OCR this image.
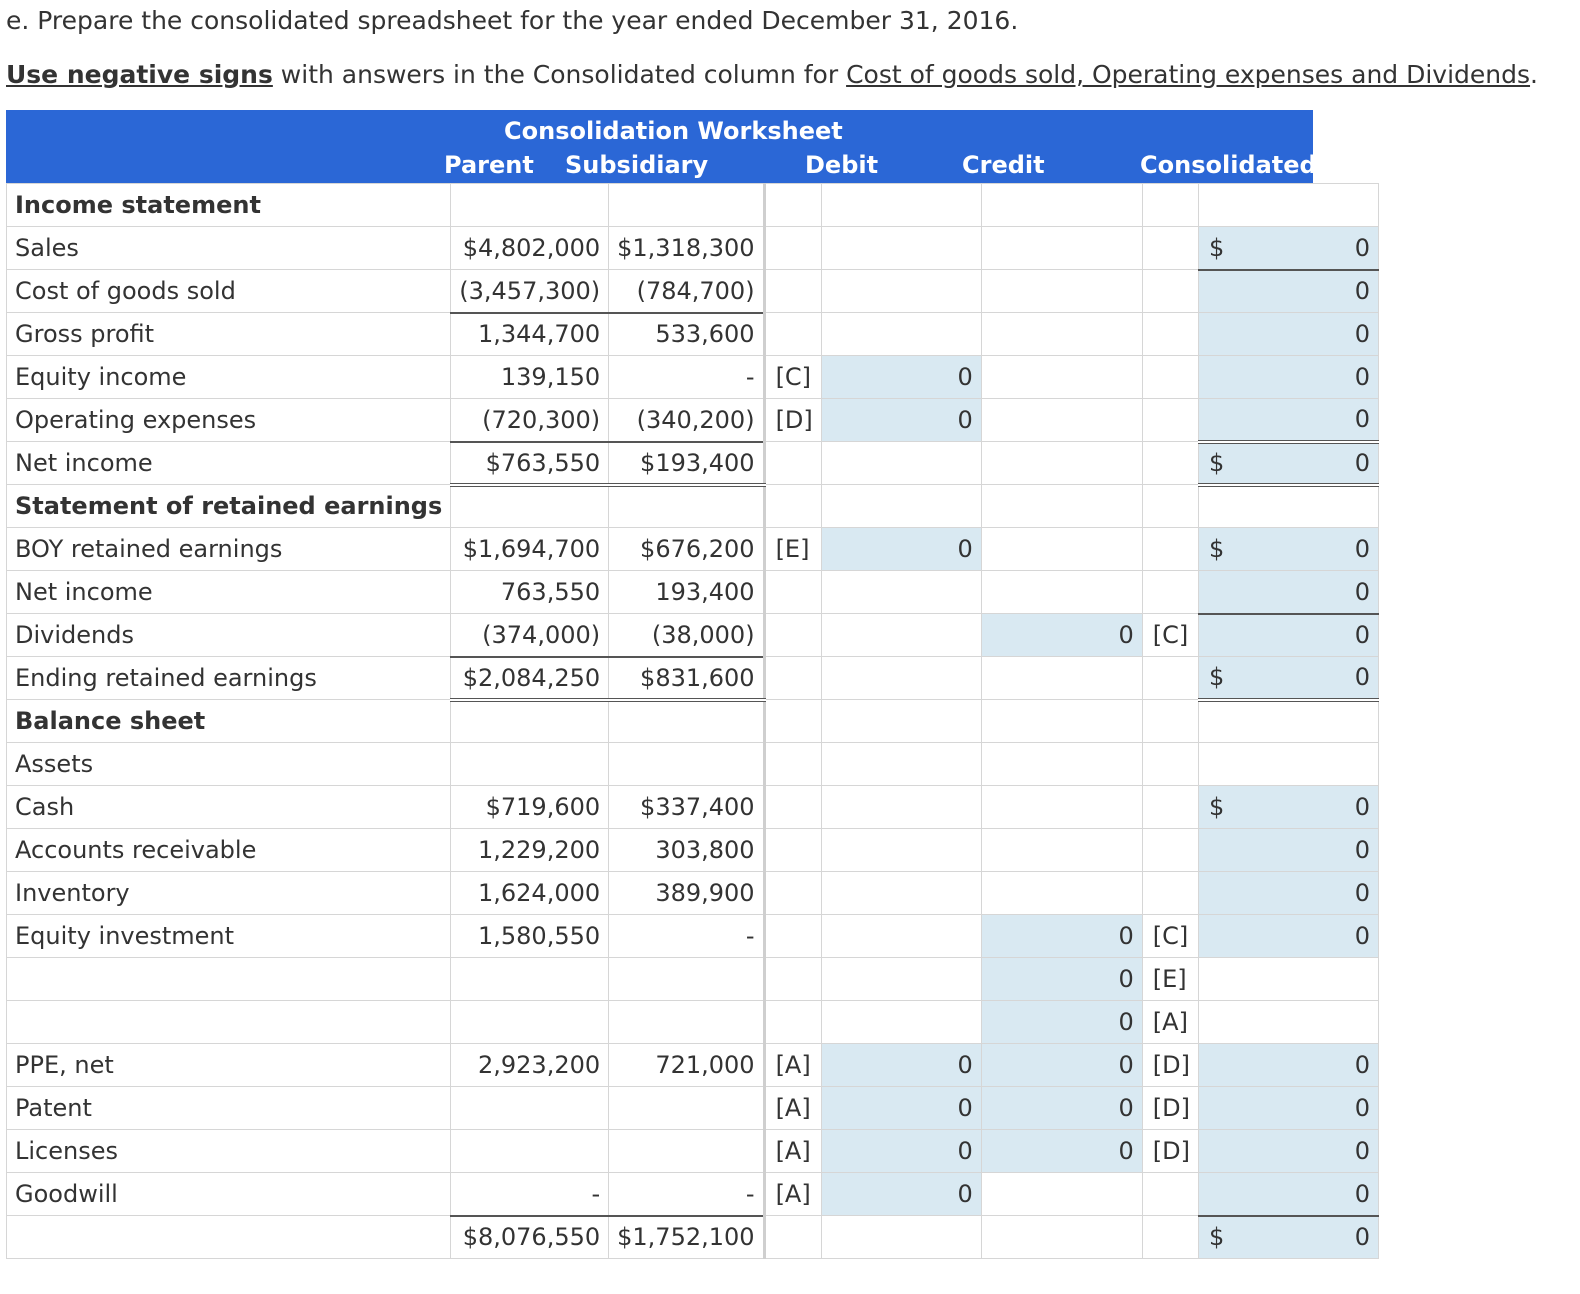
e. Prepare the consolidated spreadsheet for the year ended December 31, 2016.
Use negative signs with answers in the Consolidated column for Cost of goods sold, Operating expenses and Dividends.
Consolidation Worksheet
Parent Subsidiary	Debit	Credit	Consolidated
Income statement							
Sales	$4,802,000	$1,318,300					$ 0
Cost of goods sold	(3,457,300)	(784,700)					0
Gross profit	1,344,700	533,600					0
Equity income	139,150	-	[C]	0			0
Operating expenses	(720,300)	(340,200)	[D]	0			0
Net income	$763,550	$193,400					$ 0
Statement of retained earnings							
BOY retained earnings	$1,694,700	$676,200	[E]	0			$ 0
Net income	763,550	193,400					0
Dividends	(374,000)	(38,000)			0	[C]	0
Ending retained earnings	$2,084,250	$831,600					$ 0
Balance sheet							
Assets							
Cash	$719,600	$337,400					$ 0
Accounts receivable	1,229,200	303,800					0
Inventory	1,624,000	389,900					0
Equity investment	1,580,550	-			0	[C]	0
					0	[E]	
					0	[A]	
PPE, net	2,923,200	721,000	[A]	0	0	[D]	0
Patent			[A]	0	0	[D]	0
Licenses			[A]	0	0	[D]	0
Goodwill	-	-	[A]	0			0
	$8,076,550	$1,752,100					$ 0
